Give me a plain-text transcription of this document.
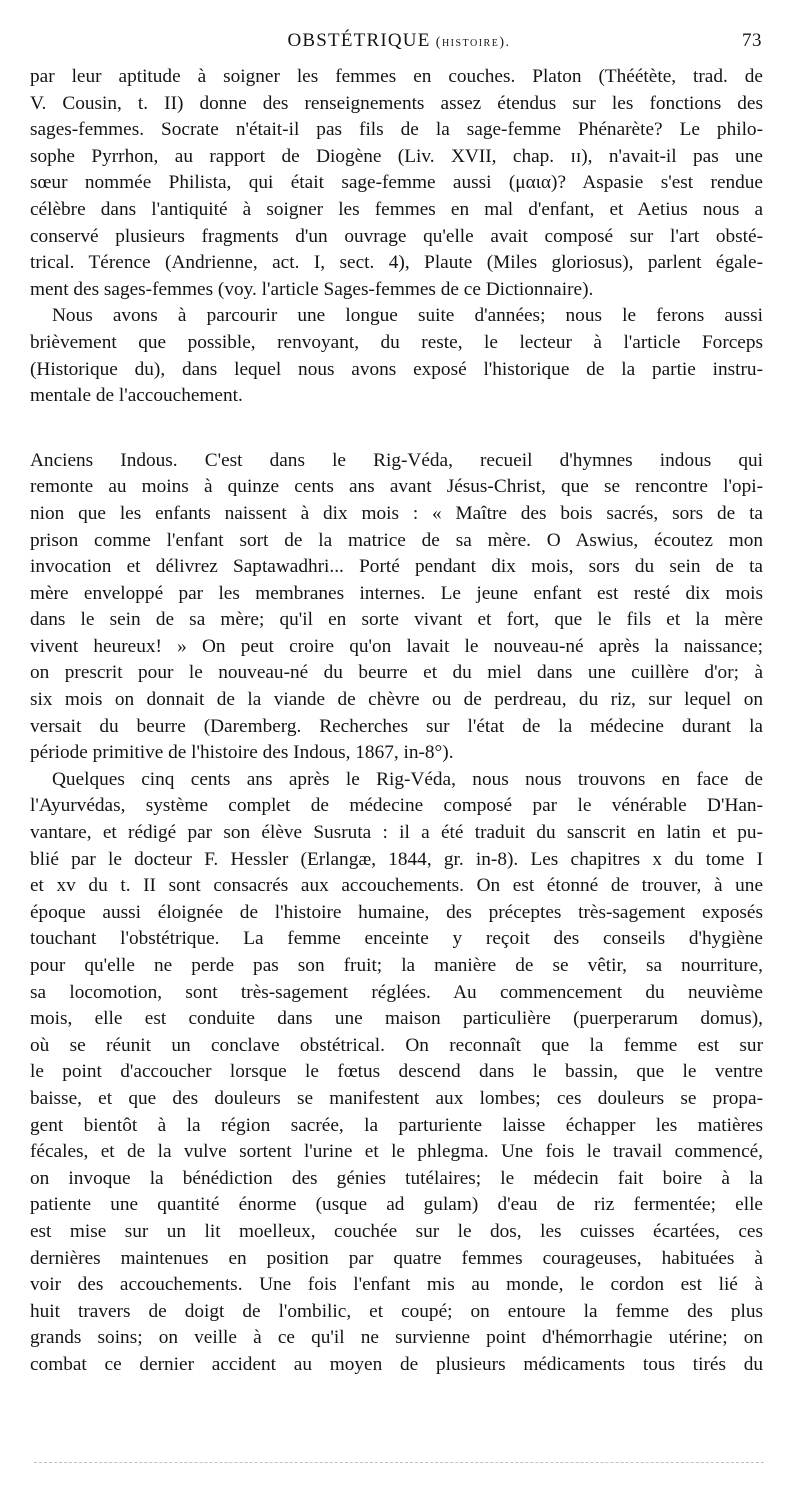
OBSTÉTRIQUE (histoire).	73
par leur aptitude à soigner les femmes en couches. Platon (Théétète, trad. de
V. Cousin, t. II) donne des renseignements assez étendus sur les fonctions des
sages-femmes. Socrate n'était-il pas fils de la sage-femme Phénarète? Le philo-
sophe Pyrrhon, au rapport de Diogène (Liv. XVII, chap. ɪɪ), n'avait-il pas une
sœur nommée Philista, qui était sage-femme aussi (μαια)? Aspasie s'est rendue
célèbre dans l'antiquité à soigner les femmes en mal d'enfant, et Aetius nous a
conservé plusieurs fragments d'un ouvrage qu'elle avait composé sur l'art obsté-
trical. Térence (Andrienne, act. I, sect. 4), Plaute (Miles gloriosus), parlent égale-
ment des sages-femmes (voy. l'article Sages-femmes de ce Dictionnaire).
Nous avons à parcourir une longue suite d'années; nous le ferons aussi
brièvement que possible, renvoyant, du reste, le lecteur à l'article Forceps
(Historique du), dans lequel nous avons exposé l'historique de la partie instru-
mentale de l'accouchement.
Anciens Indous. C'est dans le Rig-Véda, recueil d'hymnes indous qui
remonte au moins à quinze cents ans avant Jésus-Christ, que se rencontre l'opi-
nion que les enfants naissent à dix mois : « Maître des bois sacrés, sors de ta
prison comme l'enfant sort de la matrice de sa mère. O Aswius, écoutez mon
invocation et délivrez Saptawadhri... Porté pendant dix mois, sors du sein de ta
mère enveloppé par les membranes internes. Le jeune enfant est resté dix mois
dans le sein de sa mère; qu'il en sorte vivant et fort, que le fils et la mère
vivent heureux! » On peut croire qu'on lavait le nouveau-né après la naissance;
on prescrit pour le nouveau-né du beurre et du miel dans une cuillère d'or; à
six mois on donnait de la viande de chèvre ou de perdreau, du riz, sur lequel on
versait du beurre (Daremberg. Recherches sur l'état de la médecine durant la
période primitive de l'histoire des Indous, 1867, in-8°).
Quelques cinq cents ans après le Rig-Véda, nous nous trouvons en face de
l'Ayurvédas, système complet de médecine composé par le vénérable D'Han-
vantare, et rédigé par son élève Susruta : il a été traduit du sanscrit en latin et pu-
blié par le docteur F. Hessler (Erlangæ, 1844, gr. in-8). Les chapitres x du tome I
et xv du t. II sont consacrés aux accouchements. On est étonné de trouver, à une
époque aussi éloignée de l'histoire humaine, des préceptes très-sagement exposés
touchant l'obstétrique. La femme enceinte y reçoit des conseils d'hygiène
pour qu'elle ne perde pas son fruit; la manière de se vêtir, sa nourriture,
sa locomotion, sont très-sagement réglées. Au commencement du neuvième
mois, elle est conduite dans une maison particulière (puerperarum domus),
où se réunit un conclave obstétrical. On reconnaît que la femme est sur
le point d'accoucher lorsque le fœtus descend dans le bassin, que le ventre
baisse, et que des douleurs se manifestent aux lombes; ces douleurs se propa-
gent bientôt à la région sacrée, la parturiente laisse échapper les matières
fécales, et de la vulve sortent l'urine et le phlegma. Une fois le travail commencé,
on invoque la bénédiction des génies tutélaires; le médecin fait boire à la
patiente une quantité énorme (usque ad gulam) d'eau de riz fermentée; elle
est mise sur un lit moelleux, couchée sur le dos, les cuisses écartées, ces
dernières maintenues en position par quatre femmes courageuses, habituées à
voir des accouchements. Une fois l'enfant mis au monde, le cordon est lié à
huit travers de doigt de l'ombilic, et coupé; on entoure la femme des plus
grands soins; on veille à ce qu'il ne survienne point d'hémorrhagie utérine; on
combat ce dernier accident au moyen de plusieurs médicaments tous tirés du
